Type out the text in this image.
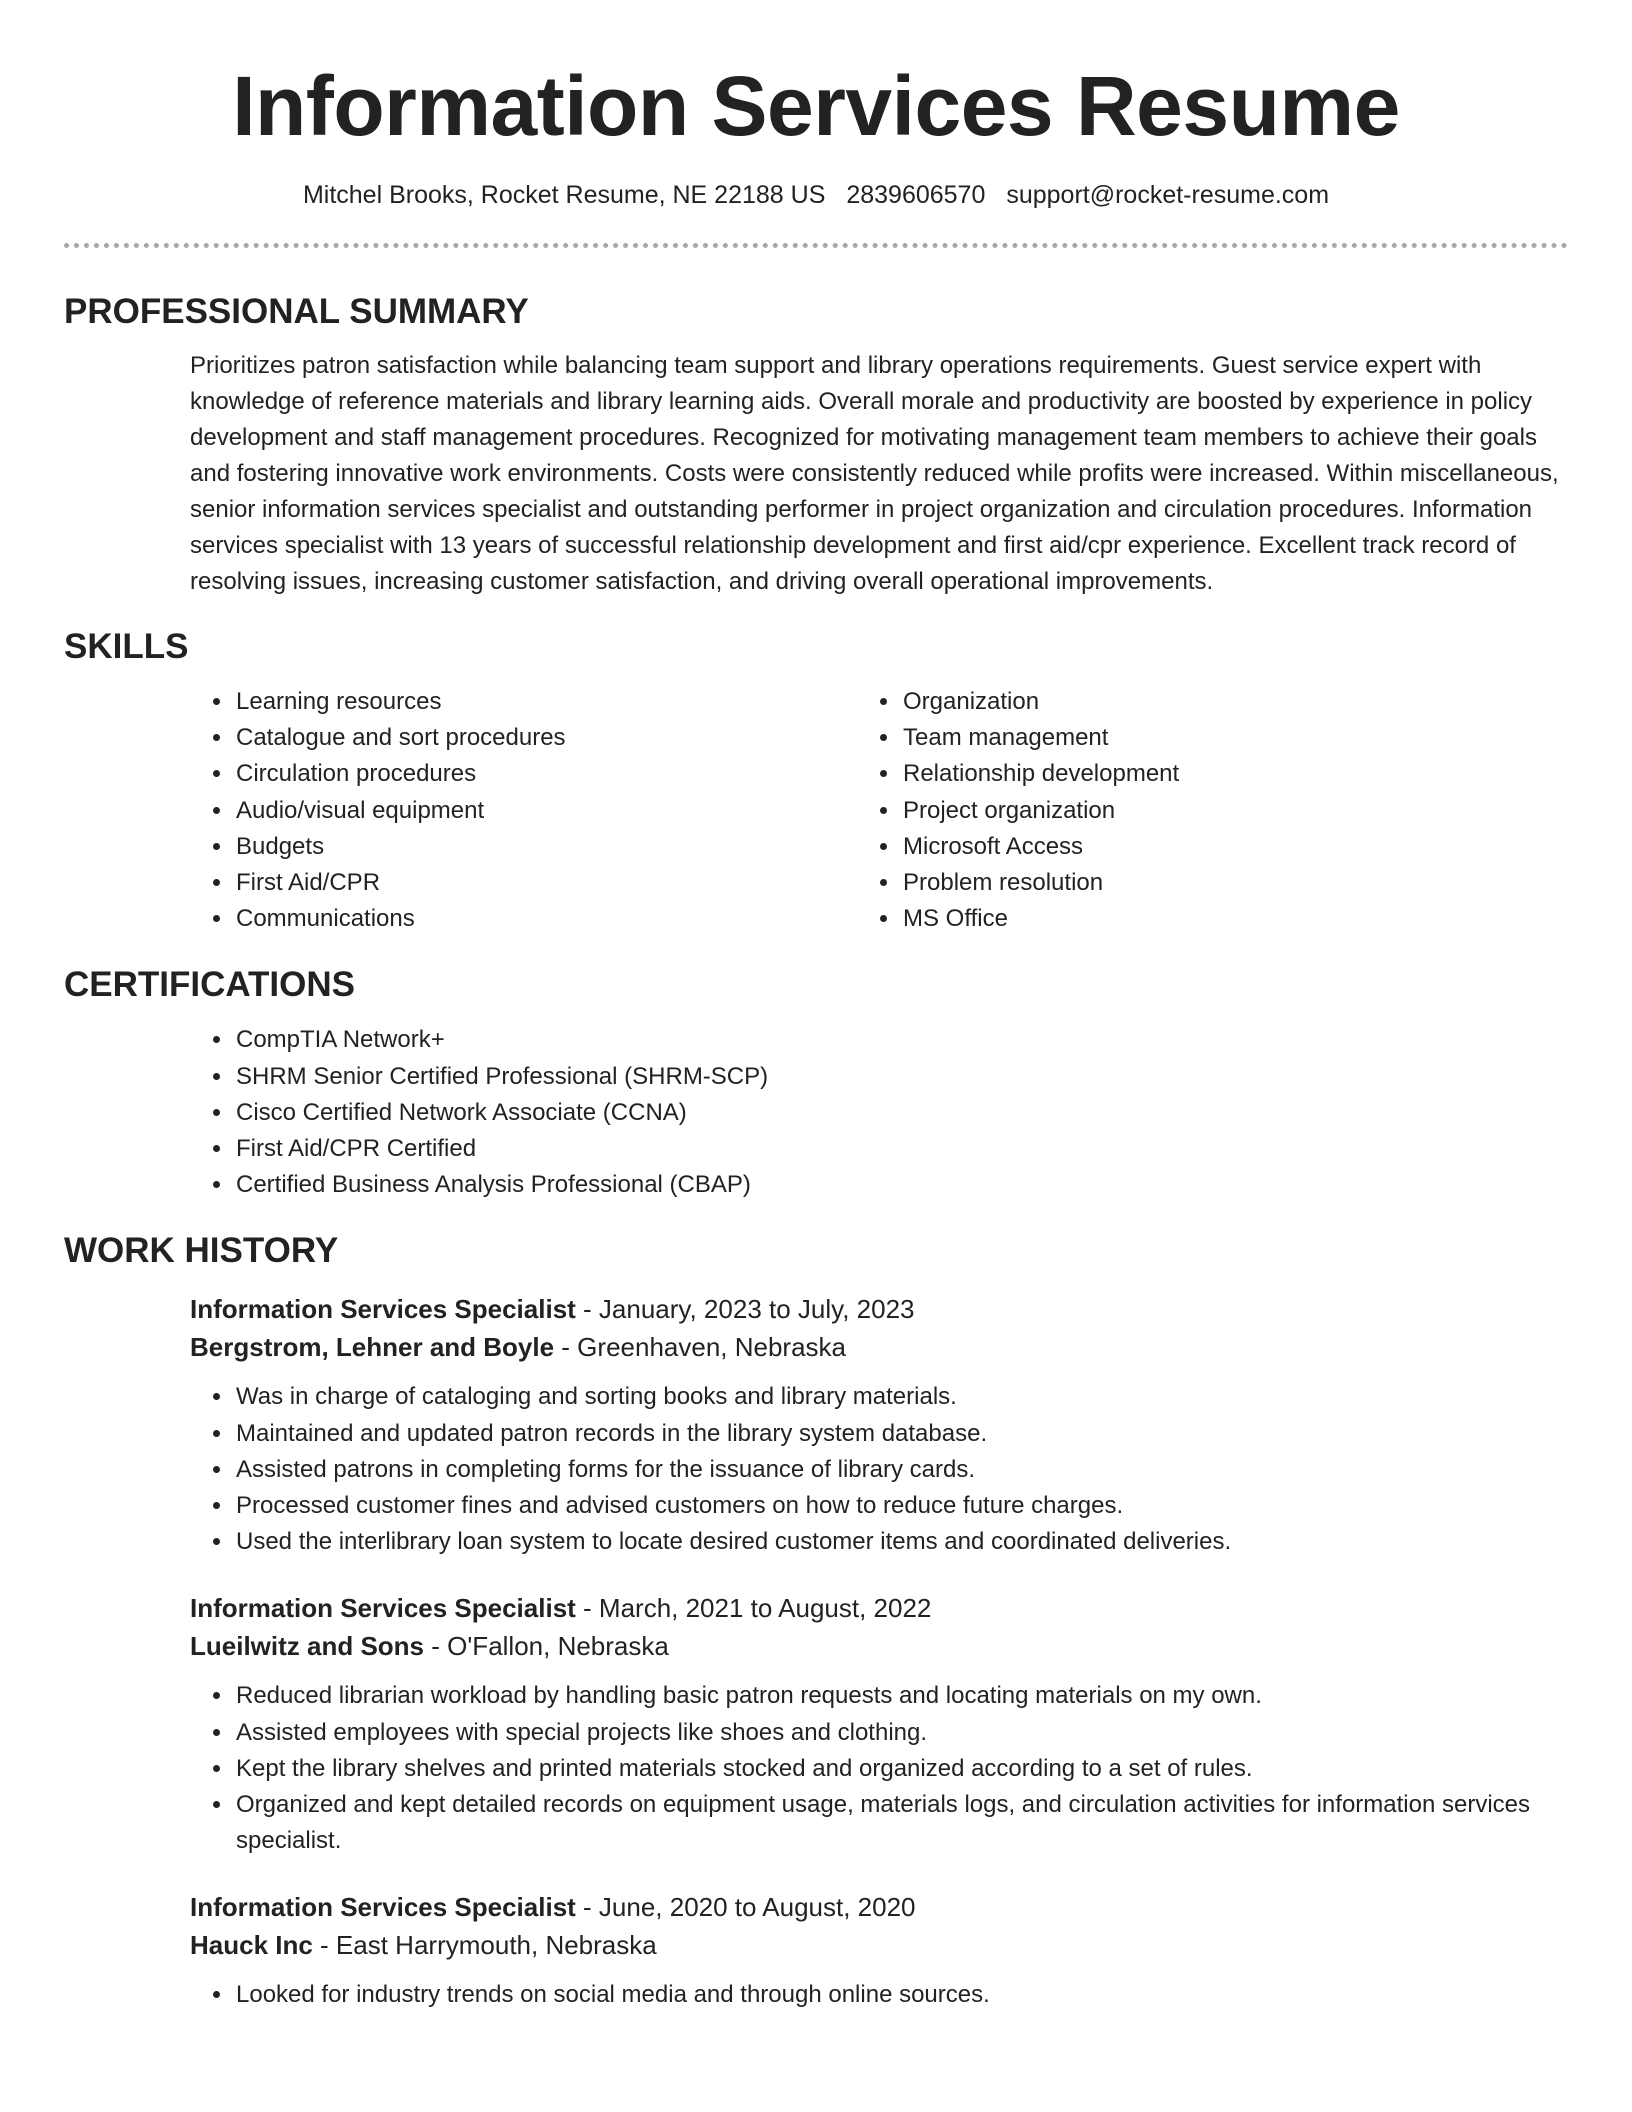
Information Services Resume
Mitchel Brooks, Rocket Resume, NE 22188 US 2839606570 support@rocket-resume.com
PROFESSIONAL SUMMARY
Prioritizes patron satisfaction while balancing team support and library operations requirements. Guest service expert with knowledge of reference materials and library learning aids. Overall morale and productivity are boosted by experience in policy development and staff management procedures. Recognized for motivating management team members to achieve their goals and fostering innovative work environments. Costs were consistently reduced while profits were increased. Within miscellaneous, senior information services specialist and outstanding performer in project organization and circulation procedures. Information services specialist with 13 years of successful relationship development and first aid/cpr experience. Excellent track record of resolving issues, increasing customer satisfaction, and driving overall operational improvements.
SKILLS
• Learning resources
• Catalogue and sort procedures
• Circulation procedures
• Audio/visual equipment
• Budgets
• First Aid/CPR
• Communications
• Organization
• Team management
• Relationship development
• Project organization
• Microsoft Access
• Problem resolution
• MS Office
CERTIFICATIONS
• CompTIA Network+
• SHRM Senior Certified Professional (SHRM-SCP)
• Cisco Certified Network Associate (CCNA)
• First Aid/CPR Certified
• Certified Business Analysis Professional (CBAP)
WORK HISTORY
Information Services Specialist - January, 2023 to July, 2023
Bergstrom, Lehner and Boyle - Greenhaven, Nebraska
• Was in charge of cataloging and sorting books and library materials.
• Maintained and updated patron records in the library system database.
• Assisted patrons in completing forms for the issuance of library cards.
• Processed customer fines and advised customers on how to reduce future charges.
• Used the interlibrary loan system to locate desired customer items and coordinated deliveries.
Information Services Specialist - March, 2021 to August, 2022
Lueilwitz and Sons - O'Fallon, Nebraska
• Reduced librarian workload by handling basic patron requests and locating materials on my own.
• Assisted employees with special projects like shoes and clothing.
• Kept the library shelves and printed materials stocked and organized according to a set of rules.
• Organized and kept detailed records on equipment usage, materials logs, and circulation activities for information services specialist.
Information Services Specialist - June, 2020 to August, 2020
Hauck Inc - East Harrymouth, Nebraska
• Looked for industry trends on social media and through online sources.
